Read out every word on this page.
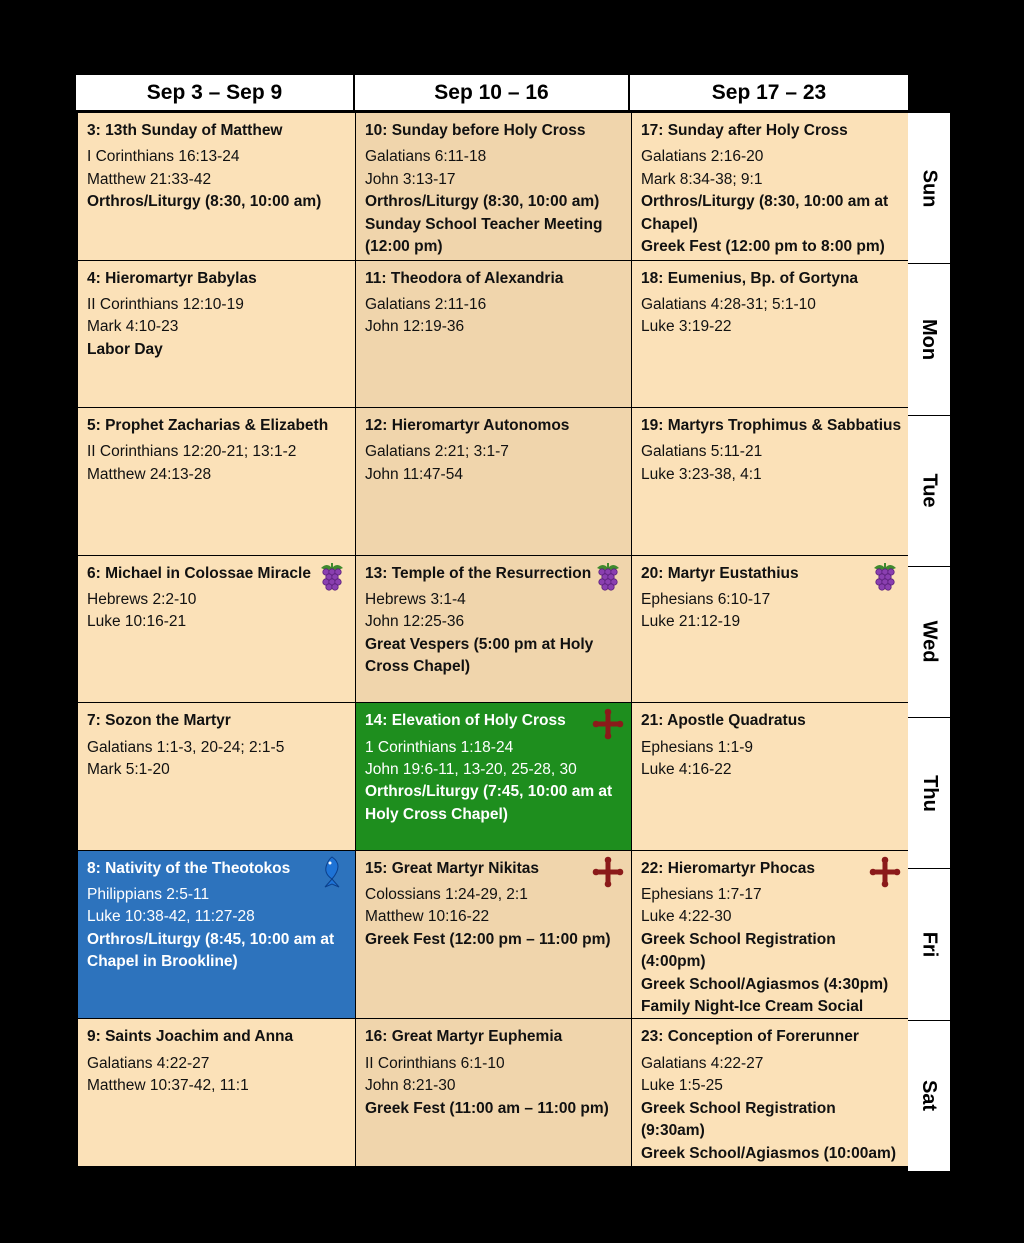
Sep 3 – Sep 9	Sep 10 – 16	Sep 17 – 23
3: 13th Sunday of Matthew
I Corinthians 16:13-24
Matthew 21:33-42
Orthros/Liturgy (8:30, 10:00 am)
10: Sunday before Holy Cross
Galatians 6:11-18
John 3:13-17
Orthros/Liturgy (8:30, 10:00 am)
Sunday School Teacher Meeting (12:00 pm)
17: Sunday after Holy Cross
Galatians 2:16-20
Mark 8:34-38; 9:1
Orthros/Liturgy (8:30, 10:00 am at Chapel)
Greek Fest (12:00 pm to 8:00 pm)
4: Hieromartyr Babylas
II Corinthians 12:10-19
Mark 4:10-23
Labor Day
11: Theodora of Alexandria
Galatians 2:11-16
John 12:19-36
18: Eumenius, Bp. of Gortyna
Galatians 4:28-31; 5:1-10
Luke 3:19-22
5: Prophet Zacharias & Elizabeth
II Corinthians 12:20-21; 13:1-2
Matthew 24:13-28
12: Hieromartyr Autonomos
Galatians 2:21; 3:1-7
John 11:47-54
19: Martyrs Trophimus & Sabbatius
Galatians 5:11-21
Luke 3:23-38, 4:1
6: Michael in Colossae Miracle
Hebrews 2:2-10
Luke 10:16-21
13: Temple of the Resurrection
Hebrews 3:1-4
John 12:25-36
Great Vespers (5:00 pm at Holy Cross Chapel)
20: Martyr Eustathius
Ephesians 6:10-17
Luke 21:12-19
7: Sozon the Martyr
Galatians 1:1-3, 20-24; 2:1-5
Mark 5:1-20
14: Elevation of Holy Cross
1 Corinthians 1:18-24
John 19:6-11, 13-20, 25-28, 30
Orthros/Liturgy (7:45, 10:00 am at Holy Cross Chapel)
21: Apostle Quadratus
Ephesians 1:1-9
Luke 4:16-22
8: Nativity of the Theotokos
Philippians 2:5-11
Luke 10:38-42, 11:27-28
Orthros/Liturgy (8:45, 10:00 am at Chapel in Brookline)
15: Great Martyr Nikitas
Colossians 1:24-29, 2:1
Matthew 10:16-22
Greek Fest (12:00 pm – 11:00 pm)
22: Hieromartyr Phocas
Ephesians 1:7-17
Luke 4:22-30
Greek School Registration (4:00pm)
Greek School/Agiasmos (4:30pm)
Family Night-Ice Cream Social
9: Saints Joachim and Anna
Galatians 4:22-27
Matthew 10:37-42, 11:1
16: Great Martyr Euphemia
II Corinthians 6:1-10
John 8:21-30
Greek Fest (11:00 am – 11:00 pm)
23: Conception of Forerunner
Galatians 4:22-27
Luke 1:5-25
Greek School Registration (9:30am)
Greek School/Agiasmos (10:00am)
Sun
Mon
Tue
Wed
Thu
Fri
Sat
